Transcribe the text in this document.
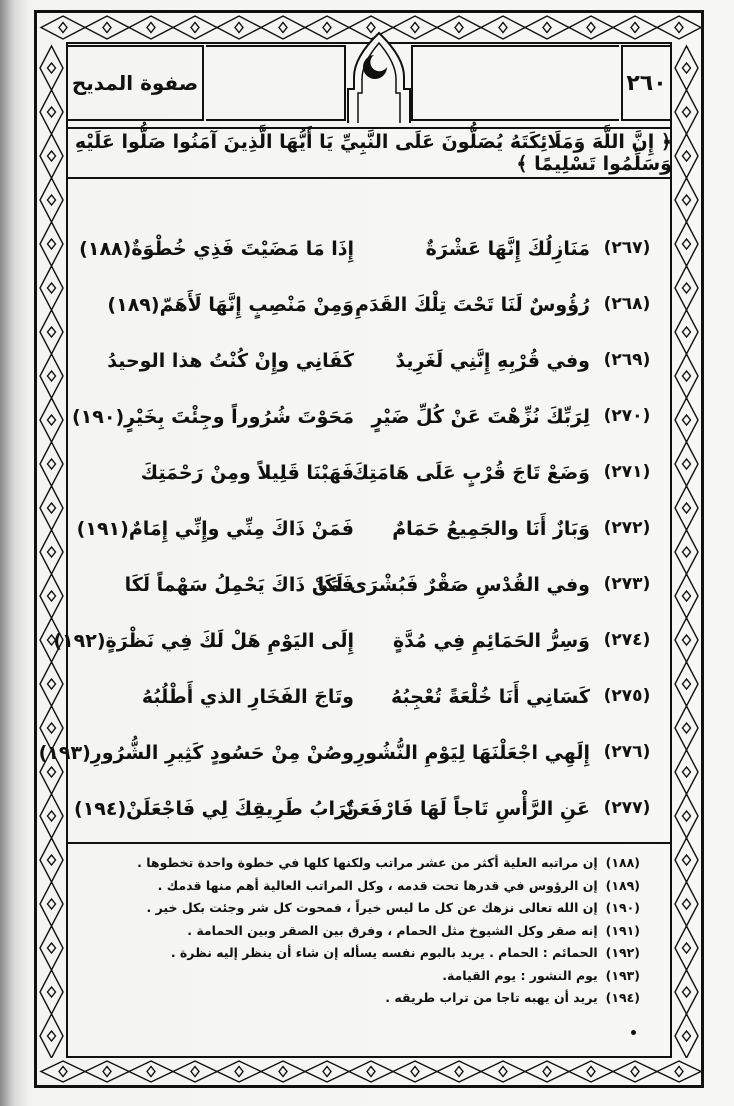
صفوة المديح	٢٦٠
﴿ إِنَّ اللَّهَ وَمَلَائِكَتَهُ يُصَلُّونَ عَلَى النَّبِيِّ يَا أَيُّهَا الَّذِينَ آمَنُوا صَلُّوا عَلَيْهِ وَسَلِّمُوا تَسْلِيمًا ﴾
(٢٦٧)
مَنَازِلُكَ إِنَّهَا عَشْرَةٌ
إِذَا مَا مَضَيْتَ فَذِي خُطْوَةٌ(١٨٨)
(٢٦٨)
رُؤُوسٌ لَنَا تَحْتَ تِلْكَ القَدَمِ
وَمِنْ مَنْصِبٍ إِنَّهَا لَأَهَمّ(١٨٩)
(٢٦٩)
وفي قُرْبِهِ إِنَّنِي لَغَرِيدٌ
كَفَانِي وإِنْ كُنْتُ هذا الوحيدُ
(٢٧٠)
لِرَبِّكَ نُزِّهْتَ عَنْ كُلِّ ضَيْرٍ
مَحَوْتَ شُرُوراً وجِئْتَ بِخَيْرٍ(١٩٠)
(٢٧١)
وَضَعْ تَاجَ قُرْبٍ عَلَى هَامَتِكَ
فَهَبْنَا قَلِيلاً ومِنْ رَحْمَتِكَ
(٢٧٢)
وَبَازٌ أَنَا والجَمِيعُ حَمَامٌ
فَمَنْ ذَاكَ مِنِّي وإِنِّي إِمَامٌ(١٩١)
(٢٧٣)
وفي القُدْسِ صَقْرٌ فَبُشْرَى لَكَا
فَمَنْ ذَاكَ يَحْمِلُ سَهْماً لَكَا
(٢٧٤)
وَسِرُّ الحَمَائِمِ فِي مُدَّةٍ
إِلَى اليَوْمِ هَلْ لَكَ فِي نَظْرَةٍ(١٩٢)
(٢٧٥)
كَسَانِي أَنَا خُلْعَةً تُعْجِبُهُ
وتَاجَ الفَخَارِ الذي أَطْلُبُهُ
(٢٧٦)
إِلَهِي اجْعَلْنَهَا لِيَوْمِ النُّشُورِ
وصُنْ مِنْ حَسُودٍ كَثِيرِ الشُّرُورِ(١٩٣)
(٢٧٧)
عَنِ الرَّأْسِ تَاجاً لَهَا فَارْفَعَنْ
تُرَابُ طَرِيقِكَ لِي فَاجْعَلَنْ(١٩٤)
(١٨٨)إن مراتبه العلية أكثر من عشر مراتب ولكنها كلها في خطوة واحدة تخطوها .
(١٨٩)إن الرؤوس في قدرها تحت قدمه ، وكل المراتب العالية أهم منها قدمك .
(١٩٠)إن الله تعالى نزهك عن كل ما ليس خيراً ، فمحوت كل شر وجئت بكل خير .
(١٩١)إنه صقر وكل الشيوخ مثل الحمام ، وفرق بين الصقر وبين الحمامة .
(١٩٢)الحمائم : الحمام . يريد بالبوم نفسه يسأله إن شاء أن ينظر إليه نظرة .
(١٩٣)يوم النشور : يوم القيامة.
(١٩٤)يريد أن يهبه تاجا من تراب طريقه .
